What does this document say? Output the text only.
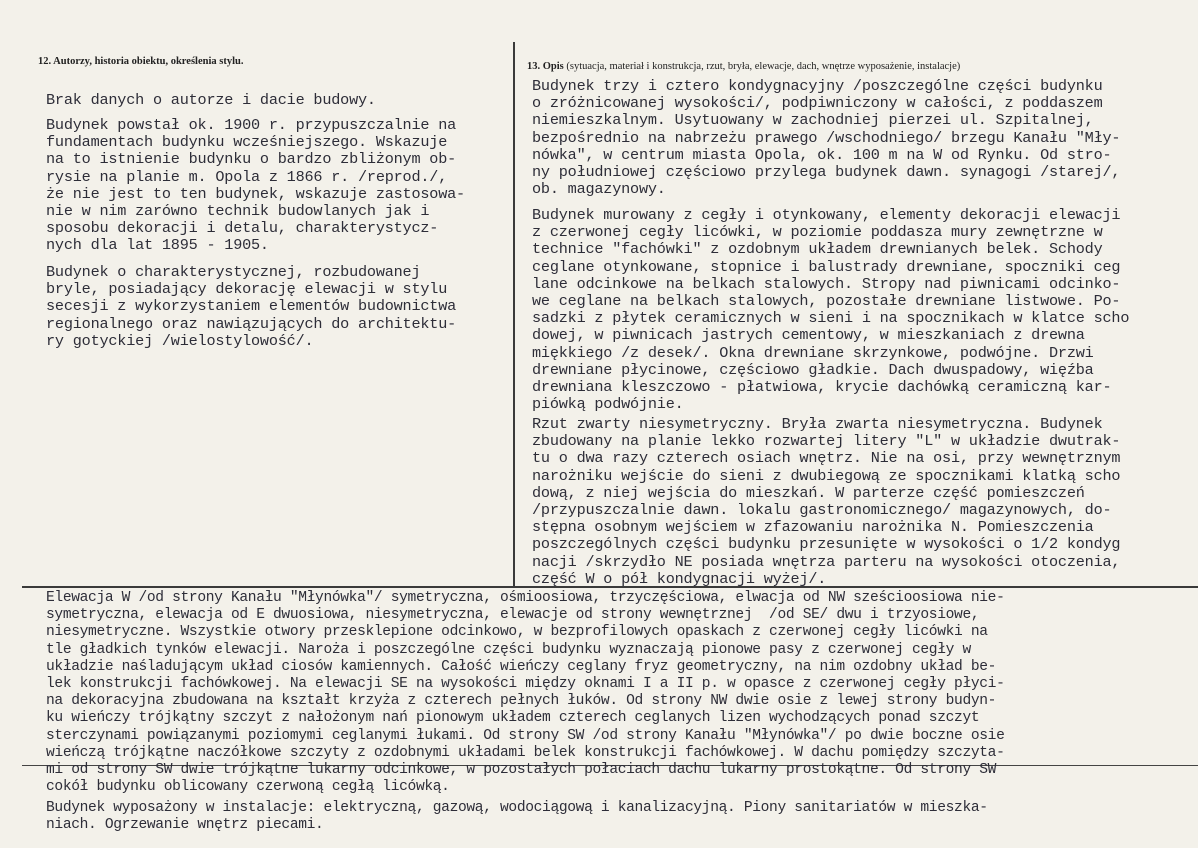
12. Autorzy, historia obiektu, określenia stylu.	13. Opis (sytuacja, materiał i konstrukcja, rzut, bryła, elewacje, dach, wnętrze wyposażenie, instalacje)
Brak danych o autorze i dacie budowy.
Budynek powstał ok. 1900 r. przypuszczalnie na
fundamentach budynku wcześniejszego. Wskazuje
na to istnienie budynku o bardzo zbliżonym ob-
rysie na planie m. Opola z 1866 r. /reprod./,
że nie jest to ten budynek, wskazuje zastosowa-
nie w nim zarówno technik budowlanych jak i
sposobu dekoracji i detalu, charakterystycz-
nych dla lat 1895 - 1905.
Budynek o charakterystycznej, rozbudowanej
bryle, posiadający dekorację elewacji w stylu
secesji z wykorzystaniem elementów budownictwa
regionalnego oraz nawiązujących do architektu-
ry gotyckiej /wielostylowość/.
Budynek trzy i cztero kondygnacyjny /poszczególne części budynku
o zróżnicowanej wysokości/, podpiwniczony w całości, z poddaszem
niemieszkalnym. Usytuowany w zachodniej pierzei ul. Szpitalnej,
bezpośrednio na nabrzeżu prawego /wschodniego/ brzegu Kanału "Mły-
nówka", w centrum miasta Opola, ok. 100 m na W od Rynku. Od stro-
ny południowej częściowo przylega budynek dawn. synagogi /starej/,
ob. magazynowy.
Budynek murowany z cegły i otynkowany, elementy dekoracji elewacji
z czerwonej cegły licówki, w poziomie poddasza mury zewnętrzne w
technice "fachówki" z ozdobnym układem drewnianych belek. Schody
ceglane otynkowane, stopnice i balustrady drewniane, spoczniki ceg
lane odcinkowe na belkach stalowych. Stropy nad piwnicami odcinko-
we ceglane na belkach stalowych, pozostałe drewniane listwowe. Po-
sadzki z płytek ceramicznych w sieni i na spocznikach w klatce scho
dowej, w piwnicach jastrych cementowy, w mieszkaniach z drewna
miękkiego /z desek/. Okna drewniane skrzynkowe, podwójne. Drzwi
drewniane płycinowe, częściowo gładkie. Dach dwuspadowy, więźba
drewniana kleszczowo - płatwiowa, krycie dachówką ceramiczną kar-
piówką podwójnie.
Rzut zwarty niesymetryczny. Bryła zwarta niesymetryczna. Budynek
zbudowany na planie lekko rozwartej litery "L" w układzie dwutrak-
tu o dwa razy czterech osiach wnętrz. Nie na osi, przy wewnętrznym
narożniku wejście do sieni z dwubiegową ze spocznikami klatką scho
dową, z niej wejścia do mieszkań. W parterze część pomieszczeń
/przypuszczalnie dawn. lokalu gastronomicznego/ magazynowych, do-
stępna osobnym wejściem w zfazowaniu narożnika N. Pomieszczenia
poszczególnych części budynku przesunięte w wysokości o 1/2 kondyg
nacji /skrzydło NE posiada wnętrza parteru na wysokości otoczenia,
część W o pół kondygnacji wyżej/.
Elewacja W /od strony Kanału "Młynówka"/ symetryczna, ośmioosiowa, trzyczęściowa, elwacja od NW sześcioosiowa nie-
symetryczna, elewacja od E dwuosiowa, niesymetryczna, elewacje od strony wewnętrznej  /od SE/ dwu i trzyosiowe,
niesymetryczne. Wszystkie otwory przesklepione odcinkowo, w bezprofilowych opaskach z czerwonej cegły licówki na
tle gładkich tynków elewacji. Naroża i poszczególne części budynku wyznaczają pionowe pasy z czerwonej cegły w
układzie naśladującym układ ciosów kamiennych. Całość wieńczy ceglany fryz geometryczny, na nim ozdobny układ be-
lek konstrukcji fachówkowej. Na elewacji SE na wysokości między oknami I a II p. w opasce z czerwonej cegły płyci-
na dekoracyjna zbudowana na kształt krzyża z czterech pełnych łuków. Od strony NW dwie osie z lewej strony budyn-
ku wieńczy trójkątny szczyt z nałożonym nań pionowym układem czterech ceglanych lizen wychodzących ponad szczyt
sterczynami powiązanymi poziomymi ceglanymi łukami. Od strony SW /od strony Kanału "Młynówka"/ po dwie boczne osie
wieńczą trójkątne naczółkowe szczyty z ozdobnymi układami belek konstrukcji fachówkowej. W dachu pomiędzy szczyta-
mi od strony SW dwie trójkątne lukarny odcinkowe, w pozostałych połaciach dachu lukarny prostokątne. Od strony SW
cokół budynku oblicowany czerwoną cegłą licówką.
Budynek wyposażony w instalacje: elektryczną, gazową, wodociągową i kanalizacyjną. Piony sanitariatów w mieszka-
niach. Ogrzewanie wnętrz piecami.
